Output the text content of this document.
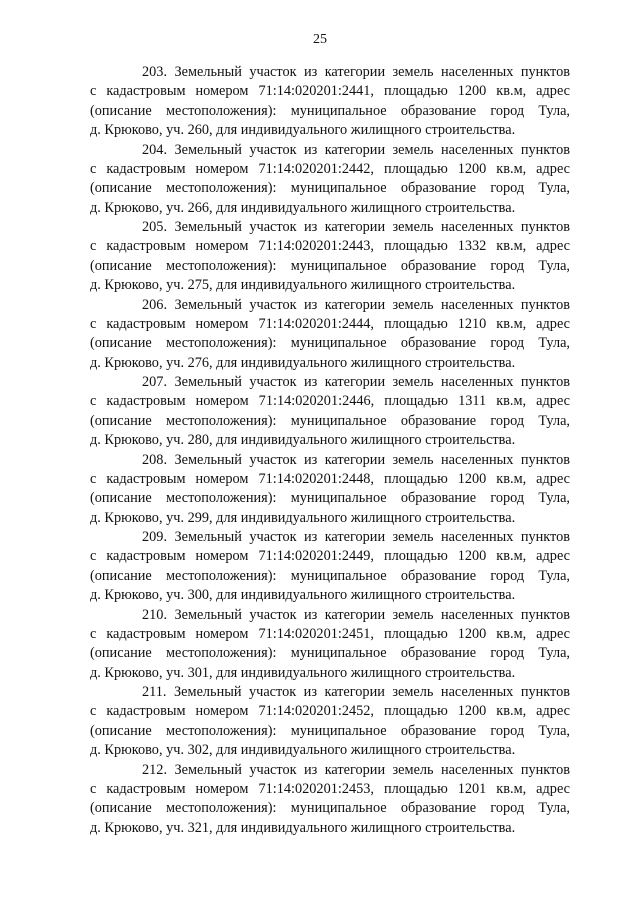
25
203. Земельный участок из категории земель населенных пунктов
с кадастровым номером 71:14:020201:2441, площадью 1200 кв.м, адрес
(описание местоположения): муниципальное образование город Тула,
д. Крюково, уч. 260, для индивидуального жилищного строительства.
204. Земельный участок из категории земель населенных пунктов
с кадастровым номером 71:14:020201:2442, площадью 1200 кв.м, адрес
(описание местоположения): муниципальное образование город Тула,
д. Крюково, уч. 266, для индивидуального жилищного строительства.
205. Земельный участок из категории земель населенных пунктов
с кадастровым номером 71:14:020201:2443, площадью 1332 кв.м, адрес
(описание местоположения): муниципальное образование город Тула,
д. Крюково, уч. 275, для индивидуального жилищного строительства.
206. Земельный участок из категории земель населенных пунктов
с кадастровым номером 71:14:020201:2444, площадью 1210 кв.м, адрес
(описание местоположения): муниципальное образование город Тула,
д. Крюково, уч. 276, для индивидуального жилищного строительства.
207. Земельный участок из категории земель населенных пунктов
с кадастровым номером 71:14:020201:2446, площадью 1311 кв.м, адрес
(описание местоположения): муниципальное образование город Тула,
д. Крюково, уч. 280, для индивидуального жилищного строительства.
208. Земельный участок из категории земель населенных пунктов
с кадастровым номером 71:14:020201:2448, площадью 1200 кв.м, адрес
(описание местоположения): муниципальное образование город Тула,
д. Крюково, уч. 299, для индивидуального жилищного строительства.
209. Земельный участок из категории земель населенных пунктов
с кадастровым номером 71:14:020201:2449, площадью 1200 кв.м, адрес
(описание местоположения): муниципальное образование город Тула,
д. Крюково, уч. 300, для индивидуального жилищного строительства.
210. Земельный участок из категории земель населенных пунктов
с кадастровым номером 71:14:020201:2451, площадью 1200 кв.м, адрес
(описание местоположения): муниципальное образование город Тула,
д. Крюково, уч. 301, для индивидуального жилищного строительства.
211. Земельный участок из категории земель населенных пунктов
с кадастровым номером 71:14:020201:2452, площадью 1200 кв.м, адрес
(описание местоположения): муниципальное образование город Тула,
д. Крюково, уч. 302, для индивидуального жилищного строительства.
212. Земельный участок из категории земель населенных пунктов
с кадастровым номером 71:14:020201:2453, площадью 1201 кв.м, адрес
(описание местоположения): муниципальное образование город Тула,
д. Крюково, уч. 321, для индивидуального жилищного строительства.
